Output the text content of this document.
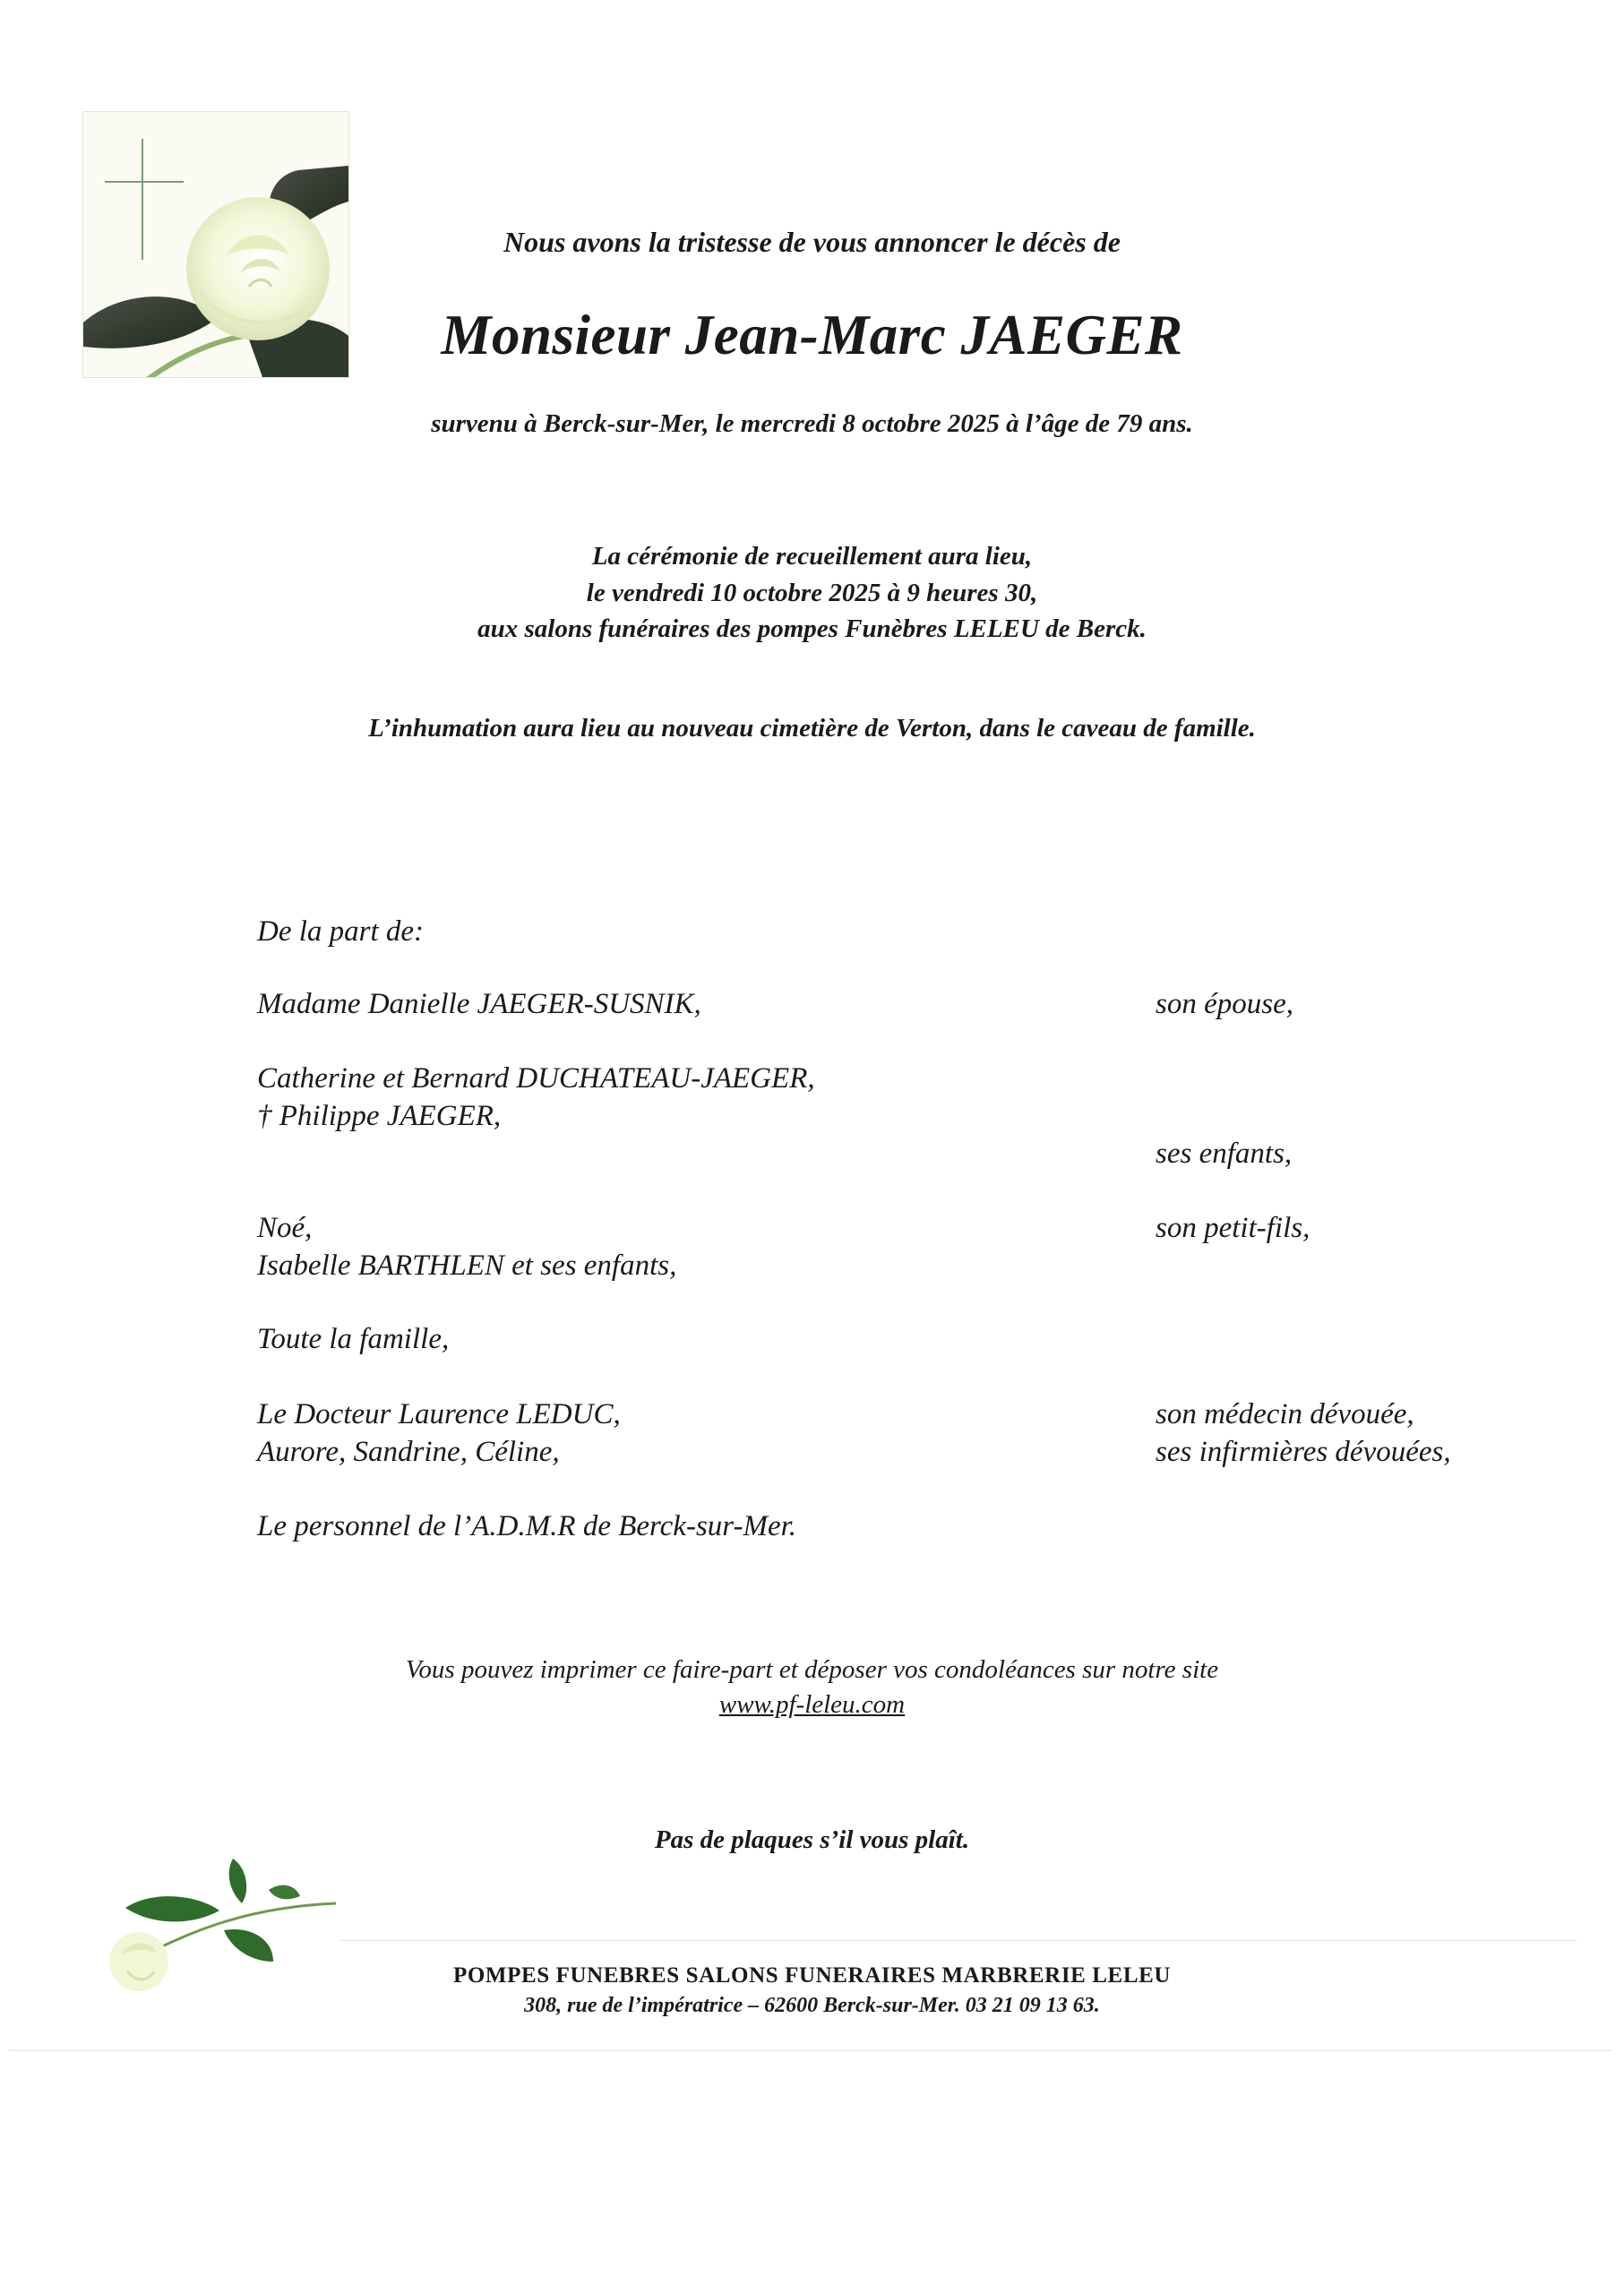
Nous avons la tristesse de vous annoncer le décès de
Monsieur Jean-Marc JAEGER
survenu à Berck-sur-Mer, le mercredi 8 octobre 2025 à l’âge de 79 ans.
La cérémonie de recueillement aura lieu,
le vendredi 10 octobre 2025 à 9 heures 30,
aux salons funéraires des pompes Funèbres LELEU de Berck.
L’inhumation aura lieu au nouveau cimetière de Verton, dans le caveau de famille.
De la part de:
Madame Danielle JAEGER-SUSNIK,	son épouse,
Catherine et Bernard DUCHATEAU-JAEGER,
† Philippe JAEGER,
ses enfants,
Noé,	son petit-fils,
Isabelle BARTHLEN et ses enfants,
Toute la famille,
Le Docteur Laurence LEDUC,	son médecin dévouée,
Aurore, Sandrine, Céline,	ses infirmières dévouées,
Le personnel de l’A.D.M.R de Berck-sur-Mer.
Vous pouvez imprimer ce faire-part et déposer vos condoléances sur notre site
www.pf-leleu.com
Pas de plaques s’il vous plaît.
POMPES FUNEBRES SALONS FUNERAIRES MARBRERIE LELEU
308, rue de l’impératrice – 62600 Berck-sur-Mer. 03 21 09 13 63.
